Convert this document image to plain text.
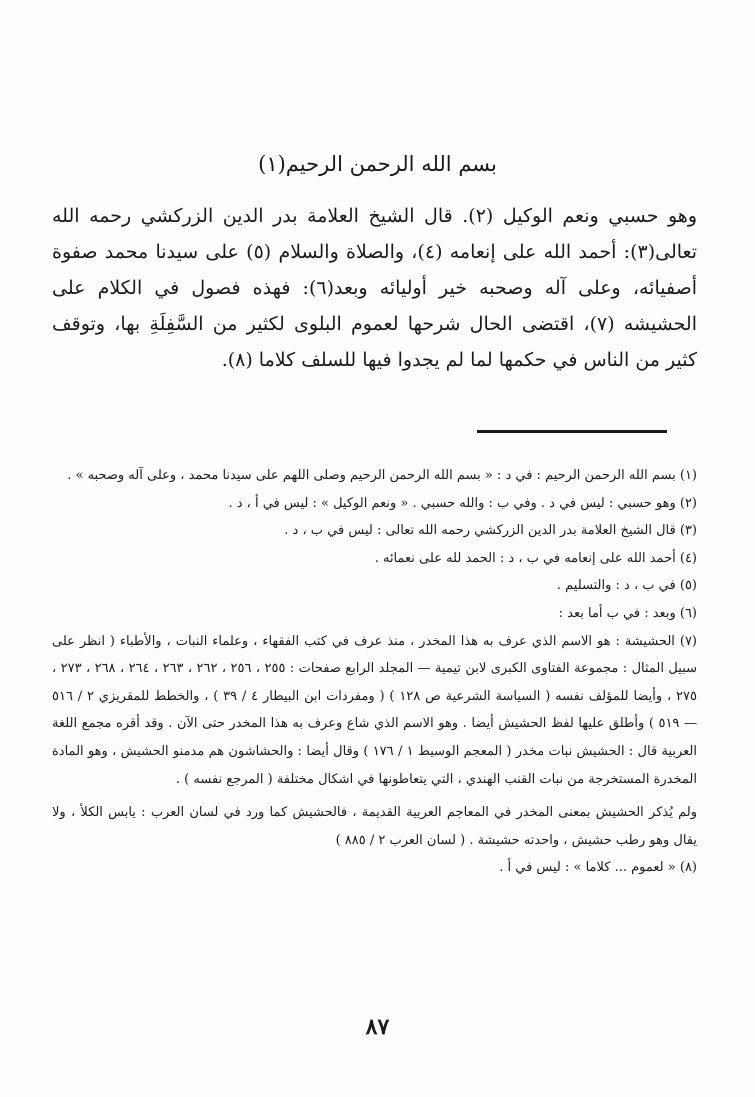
بسم الله الرحمن الرحيم(١)

وهو حسبي ونعم الوكيل (٢). قال الشيخ العلامة بدر الدين الزركشي رحمه الله تعالى(٣): أحمد الله على إنعامه (٤)، والصلاة والسلام (٥) على سيدنا محمد صفوة أصفيائه، وعلى آله وصحبه خير أوليائه وبعد(٦): فهذه فصول في الكلام على الحشيشه (٧)، اقتضى الحال شرحها لعموم البلوى لكثير من السَّفِلَةِ بها، وتوقف كثير من الناس في حكمها لما لم يجدوا فيها للسلف كلاما (٨).

(١) بسم الله الرحمن الرحيم : في د : « بسم الله الرحمن الرحيم وصلى اللهم على سيدنا محمد ، وعلى آله وصحبه » .

(٢) وهو حسبي : ليس في د . وفي ب : والله حسبي . « ونعم الوكيل » : ليس في أ ، د .

(٣) قال الشيخ العلامة بدر الدين الزركشي رحمه الله تعالى : ليس في ب ، د .

(٤) أحمد الله على إنعامه في ب ، د : الحمد لله على نعمائه .

(٥) في ب ، د : والتسليم .

(٦) وبعد : في ب أما بعد :

(٧) الحشيشة : هو الاسم الذي عرف به هذا المخدر ، منذ عرف في كتب الفقهاء ، وعلماء النبات ، والأطباء ( انظر على سبيل المثال : مجموعة الفتاوى الكبرى لابن تيمية — المجلد الرابع صفحات : ٢٥٥ ، ٢٥٦ ، ٢٦٢ ، ٢٦٣ ، ٢٦٤ ، ٢٦٨ ، ٢٧٣ ، ٢٧٥ ، وأيضا للمؤلف نفسه ( السياسة الشرعية ص ١٢٨ ) ( ومفردات ابن البيطار ٤ / ٣٩ ) ، والخطط للمقريزي ٢ / ٥١٦ — ٥١٩ ) وأطلق عليها لفظ الحشيش أيضا . وهو الاسم الذي شاع وعرف به هذا المخدر حتى الآن . وقد أقره مجمع اللغة العربية قال : الحشيش نبات مخدر ( المعجم الوسيط ١ / ١٧٦ ) وقال أيضا : والحشاشون هم مدمنو الحشيش ، وهو المادة المخدرة المستخرجة من نبات القنب الهندي ، التي يتعاطونها في اشكال مختلفة ( المرجع نفسه ) .

ولم يُذكر الحشيش بمعنى المخدر في المعاجم العربية القديمة ، فالحشيش كما ورد في لسان العرب : يابس الكلأ ، ولا يقال وهو رطب حشيش ، واحدته حشيشة . ( لسان العرب ٢ / ٨٨٥ )

(٨) « لعموم ... كلاما » : ليس في أ .

٨٧
